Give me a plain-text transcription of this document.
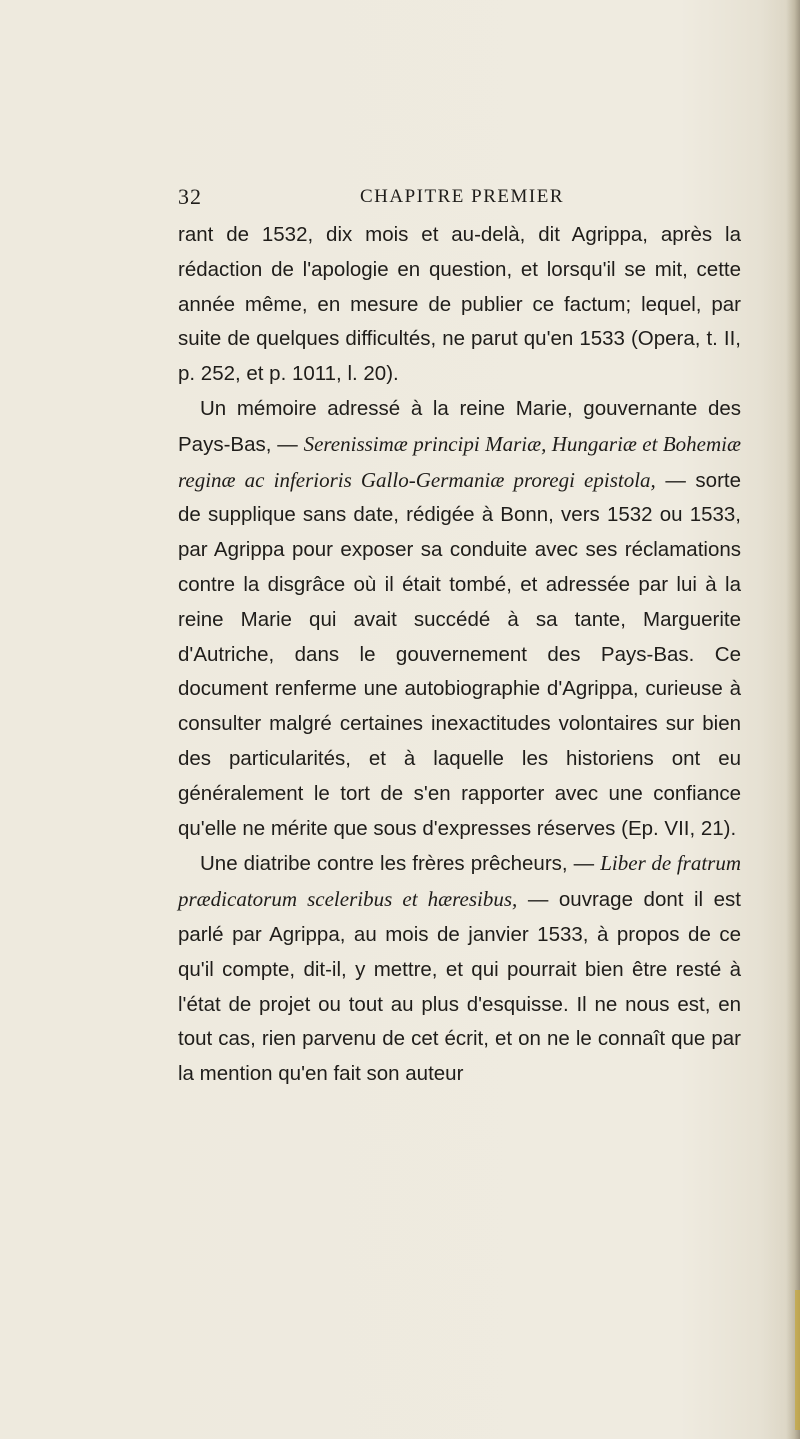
32	CHAPITRE PREMIER

rant de 1532, dix mois et au-delà, dit Agrippa, après la rédaction de l'apologie en question, et lorsqu'il se mit, cette année même, en mesure de publier ce factum; lequel, par suite de quelques difficultés, ne parut qu'en 1533 (Opera, t. II, p. 252, et p. 1011, l. 20).

Un mémoire adressé à la reine Marie, gouvernante des Pays-Bas, — Serenissimæ principi Mariæ, Hungariæ et Bohemiæ reginæ ac inferioris Gallo-Germaniæ proregi epistola, — sorte de supplique sans date, rédigée à Bonn, vers 1532 ou 1533, par Agrippa pour exposer sa conduite avec ses réclamations contre la disgrâce où il était tombé, et adressée par lui à la reine Marie qui avait succédé à sa tante, Marguerite d'Autriche, dans le gouvernement des Pays-Bas. Ce document renferme une autobiographie d'Agrippa, curieuse à consulter malgré certaines inexactitudes volontaires sur bien des particularités, et à laquelle les historiens ont eu généralement le tort de s'en rapporter avec une confiance qu'elle ne mérite que sous d'expresses réserves (Ep. VII, 21).

Une diatribe contre les frères prêcheurs, — Liber de fratrum prædicatorum sceleribus et hæresibus, — ouvrage dont il est parlé par Agrippa, au mois de janvier 1533, à propos de ce qu'il compte, dit-il, y mettre, et qui pourrait bien être resté à l'état de projet ou tout au plus d'esquisse. Il ne nous est, en tout cas, rien parvenu de cet écrit, et on ne le connaît que par la mention qu'en fait son auteur
